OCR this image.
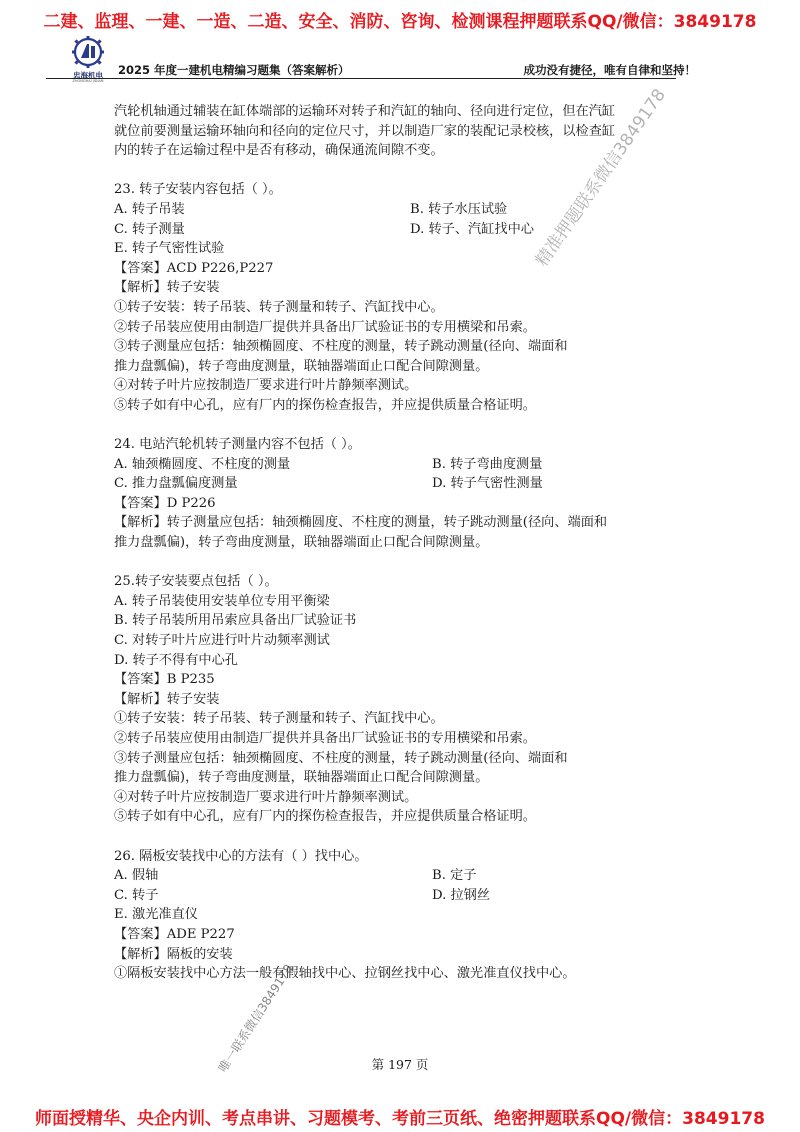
二建、监理、一建、一造、二造、安全、消防、咨询、检测课程押题联系QQ/微信：3849178
忠海机电
ZHONGHAI JIDIAN
2025 年度一建机电精编习题集（答案解析）	成功没有捷径，唯有自律和坚持！
汽轮机轴通过辅装在缸体端部的运输环对转子和汽缸的轴向、径向进行定位，但在汽缸
就位前要测量运输环轴向和径向的定位尺寸，并以制造厂家的装配记录校核，以检查缸
内的转子在运输过程中是否有移动，确保通流间隙不变。
23. 转子安装内容包括（ ）。
A. 转子吊装	B. 转子水压试验
C. 转子测量	D. 转子、汽缸找中心
E. 转子气密性试验
【答案】ACD P226,P227
【解析】转子安装
①转子安装：转子吊装、转子测量和转子、汽缸找中心。
②转子吊装应使用由制造厂提供并具备出厂试验证书的专用横梁和吊索。
③转子测量应包括：轴颈椭圆度、不柱度的测量，转子跳动测量(径向、端面和
推力盘瓢偏)，转子弯曲度测量，联轴器端面止口配合间隙测量。
④对转子叶片应按制造厂要求进行叶片静频率测试。
⑤转子如有中心孔，应有厂内的探伤检查报告，并应提供质量合格证明。
24. 电站汽轮机转子测量内容不包括（ ）。
A. 轴颈椭圆度、不柱度的测量	B. 转子弯曲度测量
C. 推力盘瓢偏度测量	D. 转子气密性测量
【答案】D P226
【解析】转子测量应包括：轴颈椭圆度、不柱度的测量，转子跳动测量(径向、端面和
推力盘瓢偏)，转子弯曲度测量，联轴器端面止口配合间隙测量。
25.转子安装要点包括（ ）。
A. 转子吊装使用安装单位专用平衡梁
B. 转子吊装所用吊索应具备出厂试验证书
C. 对转子叶片应进行叶片动频率测试
D. 转子不得有中心孔
【答案】B P235
【解析】转子安装
①转子安装：转子吊装、转子测量和转子、汽缸找中心。
②转子吊装应使用由制造厂提供并具备出厂试验证书的专用横梁和吊索。
③转子测量应包括：轴颈椭圆度、不柱度的测量，转子跳动测量(径向、端面和
推力盘瓢偏)，转子弯曲度测量，联轴器端面止口配合间隙测量。
④对转子叶片应按制造厂要求进行叶片静频率测试。
⑤转子如有中心孔，应有厂内的探伤检查报告，并应提供质量合格证明。
26. 隔板安装找中心的方法有（ ）找中心。
A. 假轴	B. 定子
C. 转子	D. 拉钢丝
E. 激光准直仪
【答案】ADE P227
【解析】隔板的安装
①隔板安装找中心方法一般有假轴找中心、拉钢丝找中心、激光准直仪找中心。
精准押题联系微信3849178
唯一联系微信3849178	第 197 页
师面授精华、央企内训、考点串讲、习题模考、考前三页纸、绝密押题联系QQ/微信：3849178
